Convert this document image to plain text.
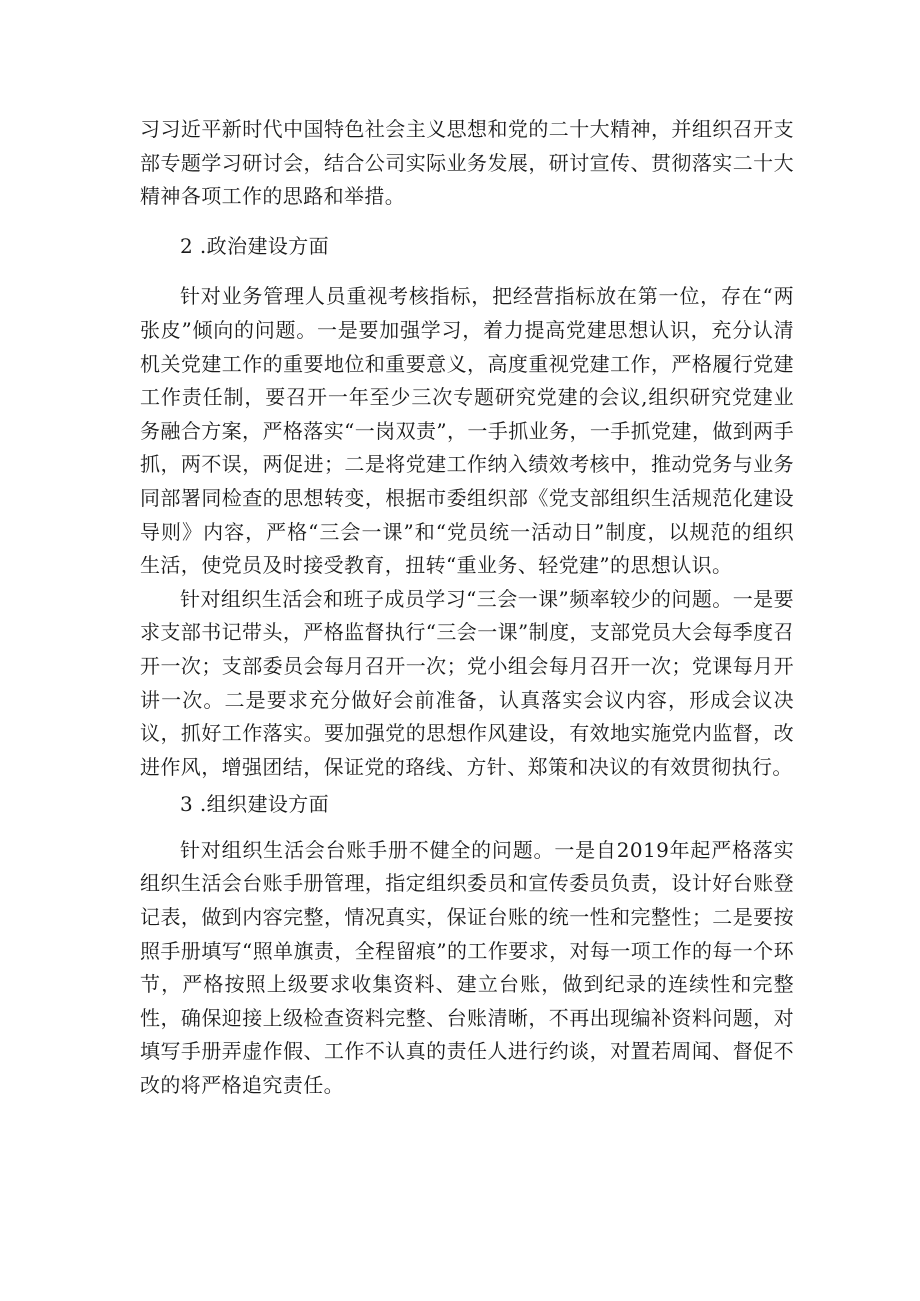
习习近平新时代中国特色社会主义思想和党的二十大精神，并组织召开支部专题学习研讨会，结合公司实际业务发展，研讨宣传、贯彻落实二十大精神各项工作的思路和举措。

2 .政治建设方面

针对业务管理人员重视考核指标，把经营指标放在第一位，存在“两张皮”倾向的问题。一是要加强学习，着力提高党建思想认识，充分认清机关党建工作的重要地位和重要意义，高度重视党建工作，严格履行党建工作责任制，要召开一年至少三次专题研究党建的会议,组织研究党建业务融合方案，严格落实“一岗双责”，一手抓业务，一手抓党建，做到两手抓，两不误，两促进；二是将党建工作纳入绩效考核中，推动党务与业务同部署同检查的思想转变，根据市委组织部《党支部组织生活规范化建设导则》内容，严格“三会一课”和“党员统一活动日”制度，以规范的组织生活，使党员及时接受教育，扭转“重业务、轻党建”的思想认识。

针对组织生活会和班子成员学习“三会一课”频率较少的问题。一是要求支部书记带头，严格监督执行“三会一课”制度，支部党员大会每季度召开一次；支部委员会每月召开一次；党小组会每月召开一次；党课每月开讲一次。二是要求充分做好会前准备，认真落实会议内容，形成会议决议，抓好工作落实。要加强党的思想作风建设，有效地实施党内监督，改进作风，增强团结，保证党的珞线、方针、郑策和决议的有效贯彻执行。

3 .组织建设方面

针对组织生活会台账手册不健全的问题。一是自2019年起严格落实组织生活会台账手册管理，指定组织委员和宣传委员负责，设计好台账登记表，做到内容完整，情况真实，保证台账的统一性和完整性；二是要按照手册填写“照单旗责，全程留痕”的工作要求，对每一项工作的每一个环节，严格按照上级要求收集资料、建立台账，做到纪录的连续性和完整性，确保迎接上级检查资料完整、台账清晰，不再出现编补资料问题，对填写手册弄虚作假、工作不认真的责任人进行约谈，对置若周闻、督促不改的将严格追究责任。
